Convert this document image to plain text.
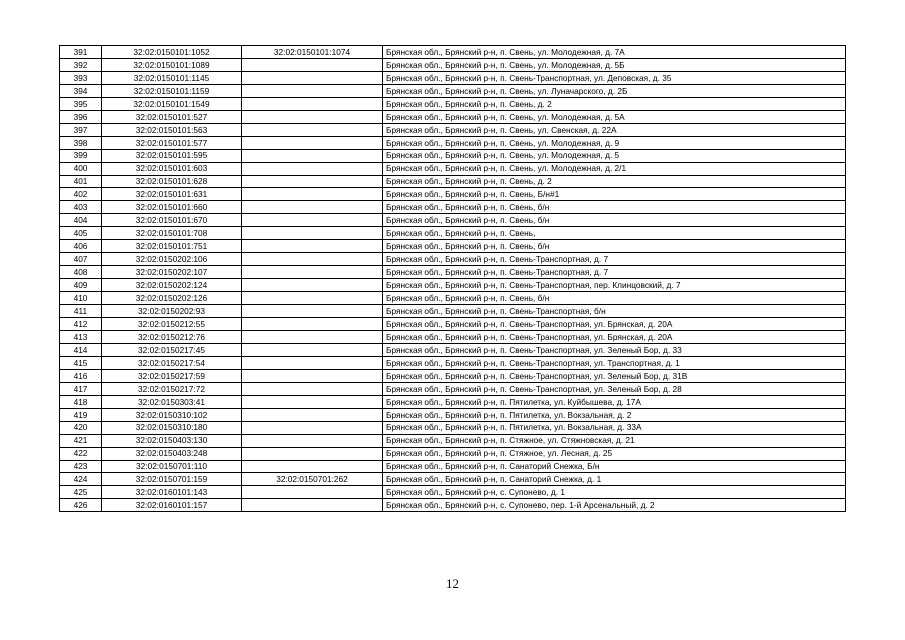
391	32:02:0150101:1052	32:02:0150101:1074	Брянская обл., Брянский р-н, п. Свень, ул. Молодежная, д. 7А
392	32:02:0150101:1089		Брянская обл., Брянский р-н, п. Свень, ул. Молодежная, д. 5Б
393	32:02:0150101:1145		Брянская обл., Брянский р-н, п. Свень-Транспортная, ул. Деповская, д. 35
394	32:02:0150101:1159		Брянская обл., Брянский р-н, п. Свень, ул. Луначарского, д. 2Б
395	32:02:0150101:1549		Брянская обл., Брянский р-н, п. Свень, д. 2
396	32:02:0150101:527		Брянская обл., Брянский р-н, п. Свень, ул. Молодежная, д. 5А
397	32:02:0150101:563		Брянская обл., Брянский р-н, п. Свень, ул. Свенская, д. 22А
398	32:02:0150101:577		Брянская обл., Брянский р-н, п. Свень, ул. Молодежная, д. 9
399	32:02:0150101:595		Брянская обл., Брянский р-н, п. Свень, ул. Молодежная, д. 5
400	32:02:0150101:603		Брянская обл., Брянский р-н, п. Свень, ул. Молодежная, д. 2/1
401	32:02:0150101:628		Брянская обл., Брянский р-н, п. Свень, д. 2
402	32:02:0150101:631		Брянская обл., Брянский р-н, п. Свень, Б/н#1
403	32:02:0150101:660		Брянская обл., Брянский р-н, п. Свень, б/н
404	32:02:0150101:670		Брянская обл., Брянский р-н, п. Свень, б/н
405	32:02:0150101:708		Брянская обл., Брянский р-н, п. Свень,
406	32:02:0150101:751		Брянская обл., Брянский р-н, п. Свень, б/н
407	32:02:0150202:106		Брянская обл., Брянский р-н, п. Свень-Транспортная, д. 7
408	32:02:0150202:107		Брянская обл., Брянский р-н, п. Свень-Транспортная, д. 7
409	32:02:0150202:124		Брянская обл., Брянский р-н, п. Свень-Транспортная, пер. Клинцовский, д. 7
410	32:02:0150202:126		Брянская обл., Брянский р-н, п. Свень, б/н
411	32:02:0150202:93		Брянская обл., Брянский р-н, п. Свень-Транспортная, б/н
412	32:02:0150212:55		Брянская обл., Брянский р-н, п. Свень-Транспортная, ул. Брянская, д. 20А
413	32:02:0150212:76		Брянская обл., Брянский р-н, п. Свень-Транспортная, ул. Брянская, д. 20А
414	32:02:0150217:45		Брянская обл., Брянский р-н, п. Свень-Транспортная, ул. Зеленый Бор, д. 33
415	32:02:0150217:54		Брянская обл., Брянский р-н, п. Свень-Транспортная, ул. Транспортная, д. 1
416	32:02:0150217:59		Брянская обл., Брянский р-н, п. Свень-Транспортная, ул. Зеленый Бор, д. 31В
417	32:02:0150217:72		Брянская обл., Брянский р-н, п. Свень-Транспортная, ул. Зеленый Бор, д. 28
418	32:02:0150303:41		Брянская обл., Брянский р-н, п. Пятилетка, ул. Куйбышева, д. 17А
419	32:02:0150310:102		Брянская обл., Брянский р-н, п. Пятилетка, ул. Вокзальная, д. 2
420	32:02:0150310:180		Брянская обл., Брянский р-н, п. Пятилетка, ул. Вокзальная, д. 33А
421	32:02:0150403:130		Брянская обл., Брянский р-н, п. Стяжное, ул. Стяжновская, д. 21
422	32:02:0150403:248		Брянская обл., Брянский р-н, п. Стяжное, ул. Лесная, д. 25
423	32:02:0150701:110		Брянская обл., Брянский р-н, п. Санаторий Снежка, Б/н
424	32:02:0150701:159	32:02:0150701:262	Брянская обл., Брянский р-н, п. Санаторий Снежка, д. 1
425	32:02:0160101:143		Брянская обл., Брянский р-н, с. Супонево, д. 1
426	32:02:0160101:157		Брянская обл., Брянский р-н, с. Супонево, пер. 1-й Арсенальный, д. 2
12
